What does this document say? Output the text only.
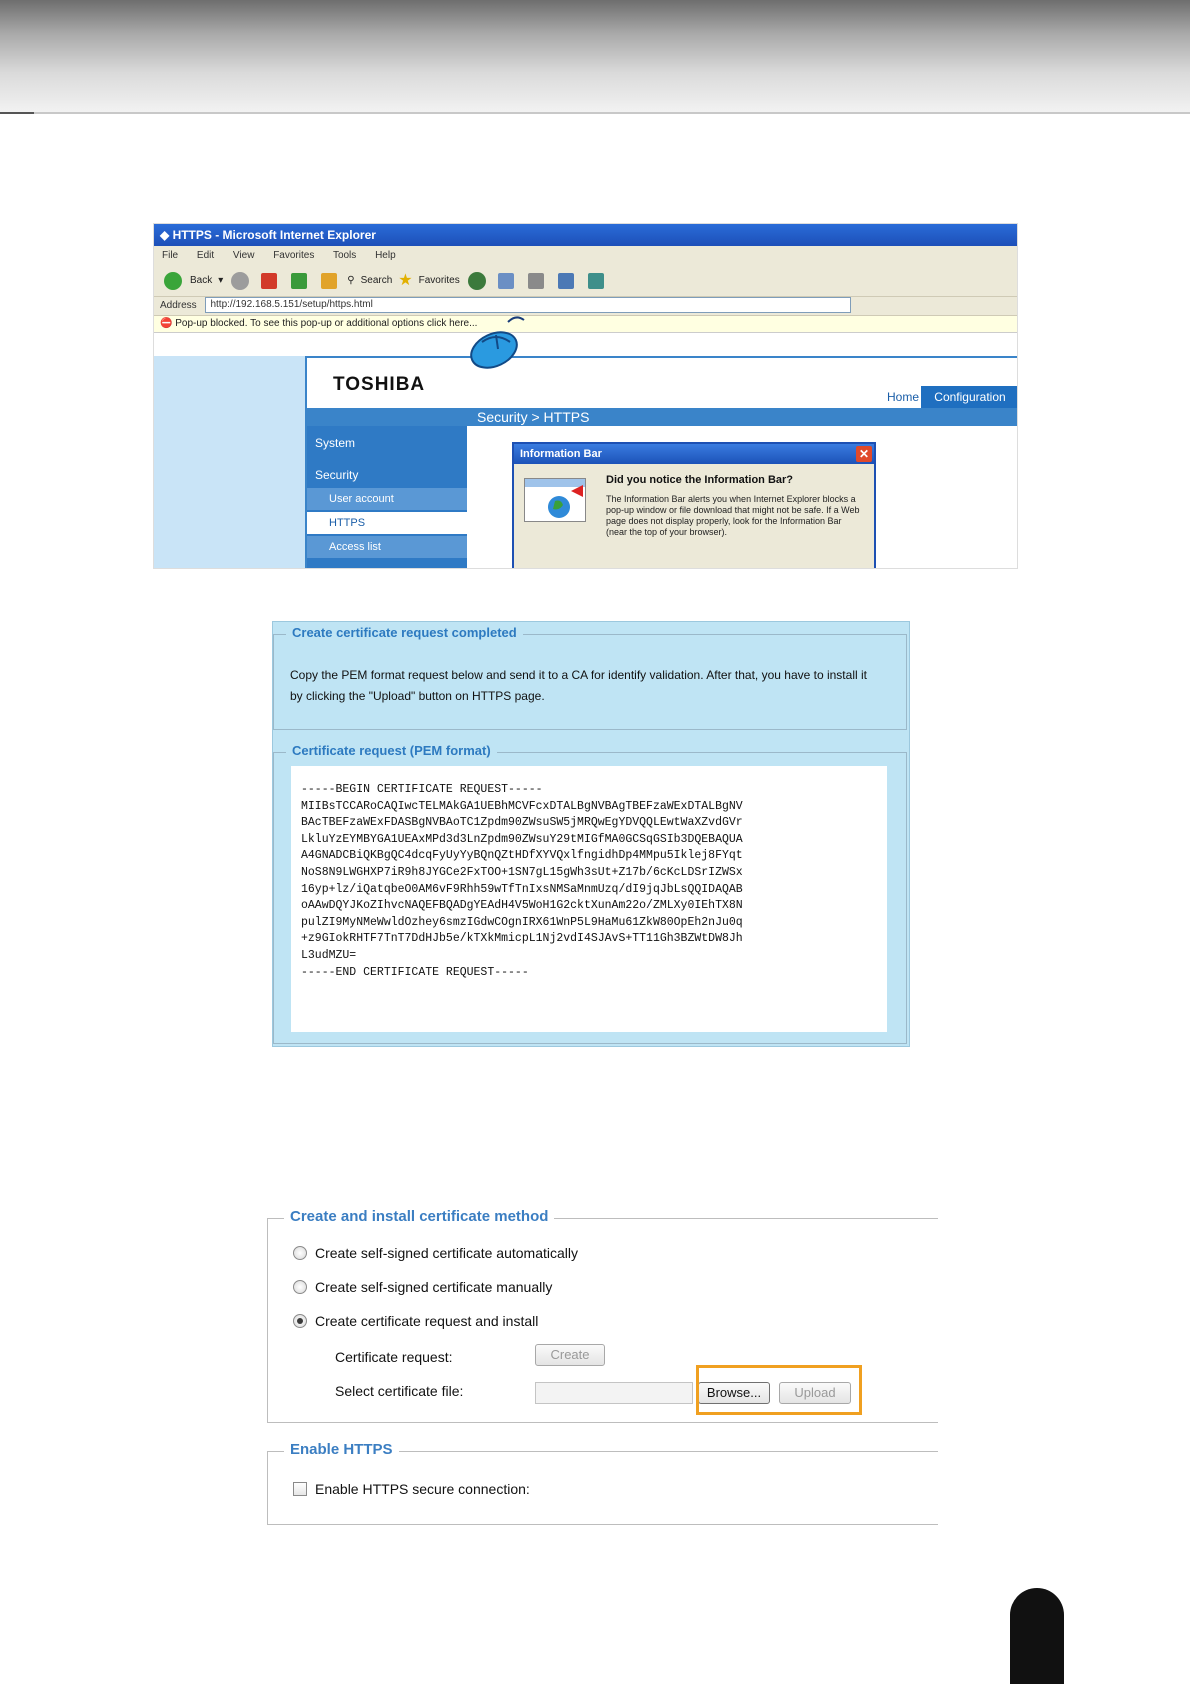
◆ HTTPS - Microsoft Internet Explorer
File Edit View Favorites Tools Help
Back ▾	⚲ Search ★ Favorites
Address http://192.168.5.151/setup/https.html
⛔ Pop-up blocked. To see this pop-up or additional options click here...
TOSHIBA
Home	Configuration
Security > HTTPS
System
Security
User account
HTTPS
Access list
Information Bar	✕
Did you notice the Information Bar?
The Information Bar alerts you when Internet Explorer blocks a pop-up window or file download that might not be safe. If a Web page does not display properly, look for the Information Bar (near the top of your browser).
Create certificate request completed
Copy the PEM format request below and send it to a CA for identify validation. After that, you have to install it by clicking the "Upload" button on HTTPS page.
Certificate request (PEM format)
-----BEGIN CERTIFICATE REQUEST-----
MIIBsTCCARoCAQIwcTELMAkGA1UEBhMCVFcxDTALBgNVBAgTBEFzaWExDTALBgNV
BAcTBEFzaWExFDASBgNVBAoTC1Zpdm90ZWsuSW5jMRQwEgYDVQQLEwtWaXZvdGVr
LkluYzEYMBYGA1UEAxMPd3d3LnZpdm90ZWsuY29tMIGfMA0GCSqGSIb3DQEBAQUA
A4GNADCBiQKBgQC4dcqFyUyYyBQnQZtHDfXYVQxlfngidhDp4MMpu5Iklej8FYqt
NoS8N9LWGHXP7iR9h8JYGCe2FxTOO+1SN7gL15gWh3sUt+Z17b/6cKcLDSrIZWSx
16yp+lz/iQatqbeO0AM6vF9Rhh59wTfTnIxsNMSaMnmUzq/dI9jqJbLsQQIDAQAB
oAAwDQYJKoZIhvcNAQEFBQADgYEAdH4V5WoH1G2cktXunAm22o/ZMLXy0IEhTX8N
pulZI9MyNMeWwldOzhey6smzIGdwCOgnIRX61WnP5L9HaMu61ZkW80OpEh2nJu0q
+z9GIokRHTF7TnT7DdHJb5e/kTXkMmicpL1Nj2vdI4SJAvS+TT11Gh3BZWtDW8Jh
L3udMZU=
-----END CERTIFICATE REQUEST-----
Create and install certificate method
Create self-signed certificate automatically
Create self-signed certificate manually
Create certificate request and install
Certificate request:	Create
Select certificate file:	Browse...	Upload
Enable HTTPS
Enable HTTPS secure connection:
